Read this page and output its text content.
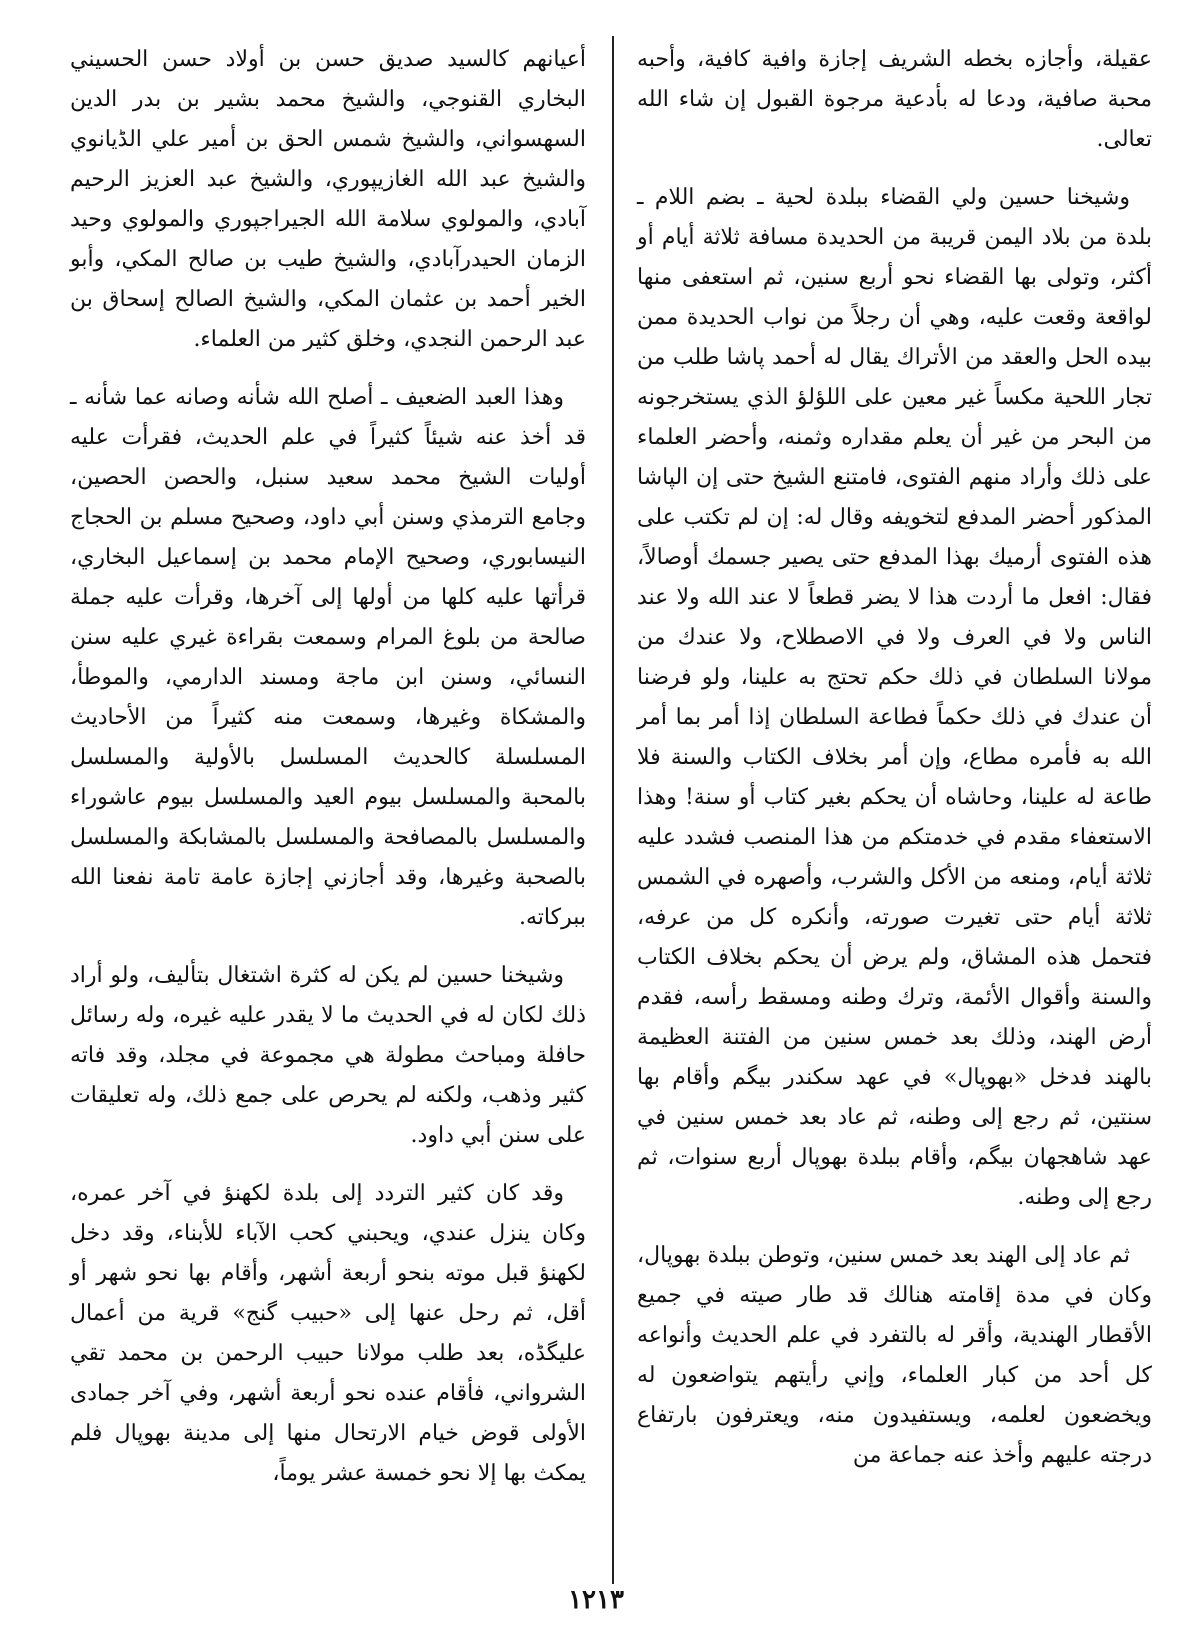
عقيلة، وأجازه بخطه الشريف إجازة وافية كافية، وأحبه محبة صافية، ودعا له بأدعية مرجوة القبول إن شاء الله تعالى.

وشيخنا حسين ولي القضاء ببلدة لحية ـ بضم اللام ـ بلدة من بلاد اليمن قريبة من الحديدة مسافة ثلاثة أيام أو أكثر، وتولى بها القضاء نحو أربع سنين، ثم استعفى منها لواقعة وقعت عليه، وهي أن رجلاً من نواب الحديدة ممن بيده الحل والعقد من الأتراك يقال له أحمد پاشا طلب من تجار اللحية مكساً غير معين على اللؤلؤ الذي يستخرجونه من البحر من غير أن يعلم مقداره وثمنه، وأحضر العلماء على ذلك وأراد منهم الفتوى، فامتنع الشيخ حتى إن الپاشا المذكور أحضر المدفع لتخويفه وقال له: إن لم تكتب على هذه الفتوى أرميك بهذا المدفع حتى يصير جسمك أوصالاً، فقال: افعل ما أردت هذا لا يضر قطعاً لا عند الله ولا عند الناس ولا في العرف ولا في الاصطلاح، ولا عندك من مولانا السلطان في ذلك حكم تحتج به علينا، ولو فرضنا أن عندك في ذلك حكماً فطاعة السلطان إذا أمر بما أمر الله به فأمره مطاع، وإن أمر بخلاف الكتاب والسنة فلا طاعة له علينا، وحاشاه أن يحكم بغير كتاب أو سنة! وهذا الاستعفاء مقدم في خدمتكم من هذا المنصب فشدد عليه ثلاثة أيام، ومنعه من الأكل والشرب، وأصهره في الشمس ثلاثة أيام حتى تغيرت صورته، وأنكره كل من عرفه، فتحمل هذه المشاق، ولم يرض أن يحكم بخلاف الكتاب والسنة وأقوال الأئمة، وترك وطنه ومسقط رأسه، فقدم أرض الهند، وذلك بعد خمس سنين من الفتنة العظيمة بالهند فدخل «بهوپال» في عهد سكندر بيگم وأقام بها سنتين، ثم رجع إلى وطنه، ثم عاد بعد خمس سنين في عهد شاهجهان بيگم، وأقام ببلدة بهوپال أربع سنوات، ثم رجع إلى وطنه.

ثم عاد إلى الهند بعد خمس سنين، وتوطن ببلدة بهوپال، وكان في مدة إقامته هنالك قد طار صيته في جميع الأقطار الهندية، وأقر له بالتفرد في علم الحديث وأنواعه كل أحد من كبار العلماء، وإني رأيتهم يتواضعون له ويخضعون لعلمه، ويستفيدون منه، ويعترفون بارتفاع درجته عليهم وأخذ عنه جماعة من

أعيانهم كالسيد صديق حسن بن أولاد حسن الحسيني البخاري القنوجي، والشيخ محمد بشير بن بدر الدين السهسواني، والشيخ شمس الحق بن أمير علي الڈيانوي والشيخ عبد الله الغازيپوري، والشيخ عبد العزيز الرحيم آبادي، والمولوي سلامة الله الجيراجپوري والمولوي وحيد الزمان الحيدرآبادي، والشيخ طيب بن صالح المكي، وأبو الخير أحمد بن عثمان المكي، والشيخ الصالح إسحاق بن عبد الرحمن النجدي، وخلق كثير من العلماء.

وهذا العبد الضعيف ـ أصلح الله شأنه وصانه عما شأنه ـ قد أخذ عنه شيئاً كثيراً في علم الحديث، فقرأت عليه أوليات الشيخ محمد سعيد سنبل، والحصن الحصين، وجامع الترمذي وسنن أبي داود، وصحيح مسلم بن الحجاج النيسابوري، وصحيح الإمام محمد بن إسماعيل البخاري، قرأتها عليه كلها من أولها إلى آخرها، وقرأت عليه جملة صالحة من بلوغ المرام وسمعت بقراءة غيري عليه سنن النسائي، وسنن ابن ماجة ومسند الدارمي، والموطأ، والمشكاة وغيرها، وسمعت منه كثيراً من الأحاديث المسلسلة كالحديث المسلسل بالأولية والمسلسل بالمحبة والمسلسل بيوم العيد والمسلسل بيوم عاشوراء والمسلسل بالمصافحة والمسلسل بالمشابكة والمسلسل بالصحبة وغيرها، وقد أجازني إجازة عامة تامة نفعنا الله ببركاته.

وشيخنا حسين لم يكن له كثرة اشتغال بتأليف، ولو أراد ذلك لكان له في الحديث ما لا يقدر عليه غيره، وله رسائل حافلة ومباحث مطولة هي مجموعة في مجلد، وقد فاته كثير وذهب، ولكنه لم يحرص على جمع ذلك، وله تعليقات على سنن أبي داود.

وقد كان كثير التردد إلى بلدة لكهنؤ في آخر عمره، وكان ينزل عندي، ويحبني كحب الآباء للأبناء، وقد دخل لكهنؤ قبل موته بنحو أربعة أشهر، وأقام بها نحو شهر أو أقل، ثم رحل عنها إلى «حبيب گنج» قرية من أعمال عليگڈه، بعد طلب مولانا حبيب الرحمن بن محمد تقي الشرواني، فأقام عنده نحو أربعة أشهر، وفي آخر جمادى الأولى قوض خيام الارتحال منها إلى مدينة بهوپال فلم يمكث بها إلا نحو خمسة عشر يوماً،

١٢١٣
